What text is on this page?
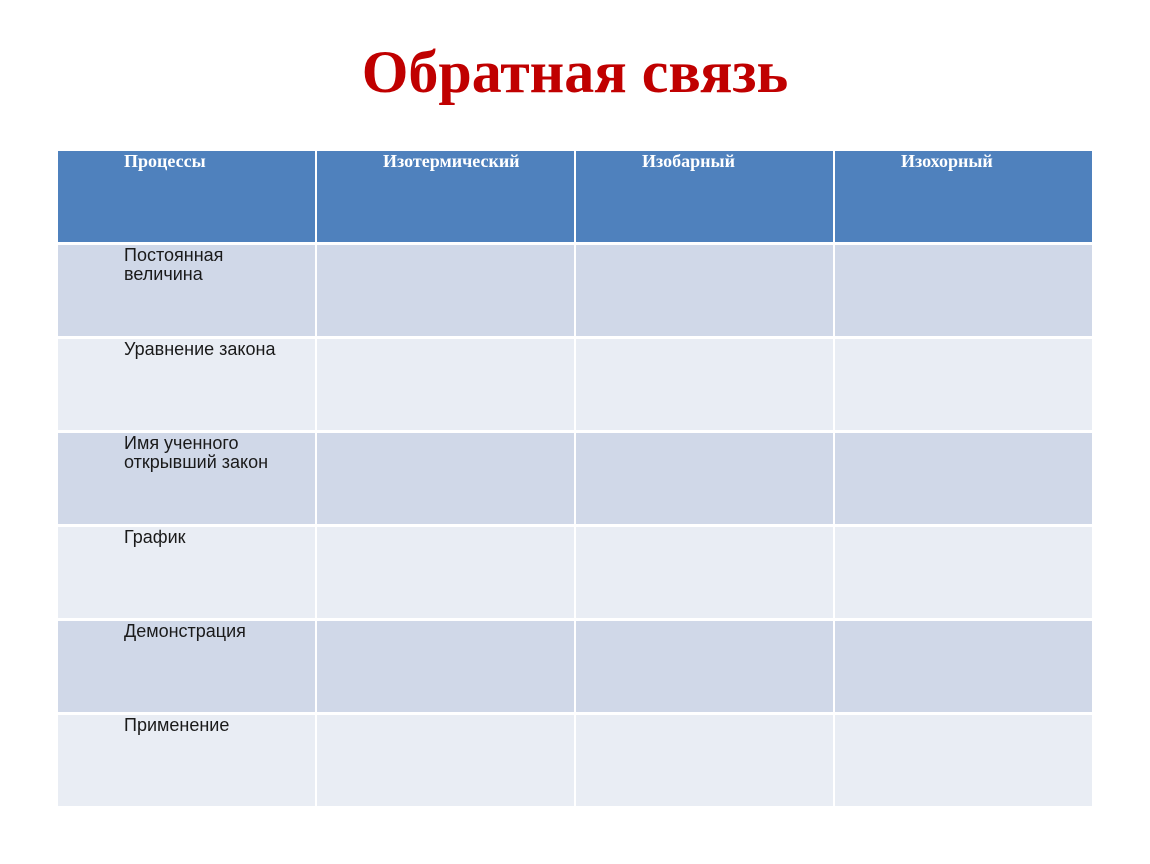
Обратная связь
Процессы	Изотермический	Изобарный	Изохорный
Постоянная величина
Уравнение закона
Имя ученного открывший закон
График
Демонстрация
Применение
